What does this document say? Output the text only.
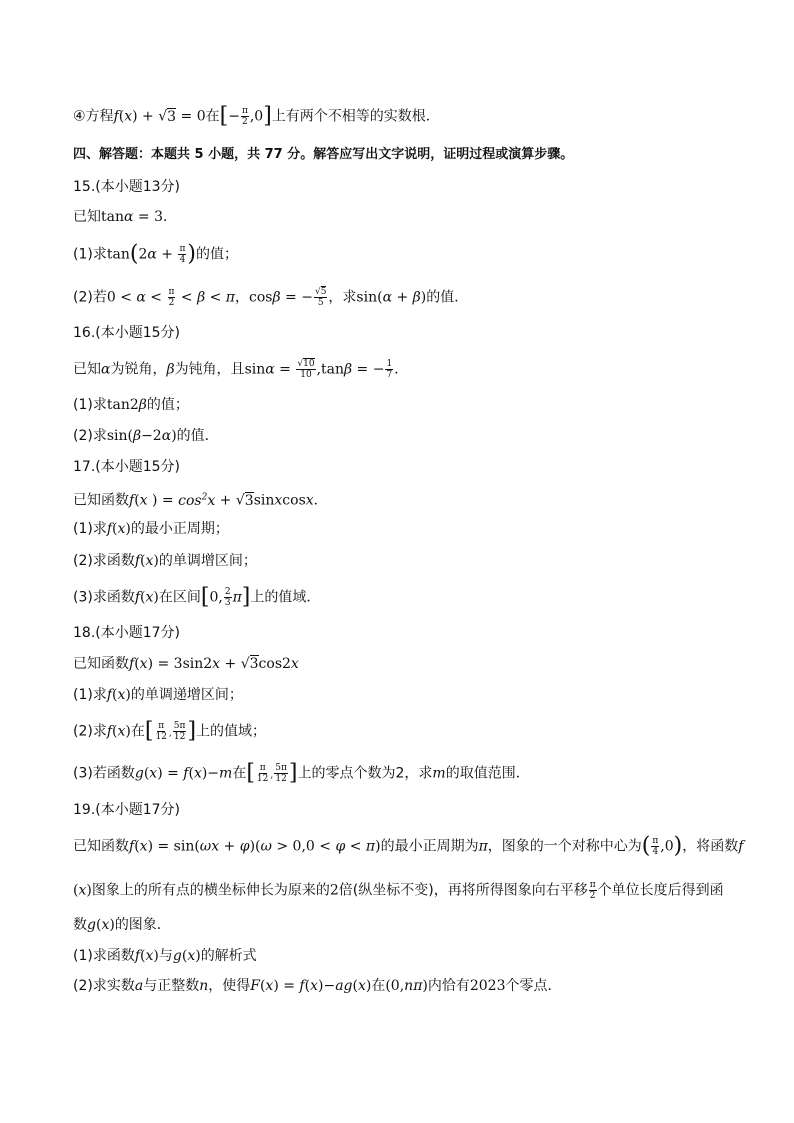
④方程f(x) + √3 = 0在[− $\frac{\pi}{2} ,0$]上有两个不相等的实数根．
四、解答题：本题共 5 小题，共 77 分。解答应写出文字说明，证明过程或演算步骤。
15.(本小题13分)
已知tanα = 3．
(1)求$\tan(2\alpha + \frac{\pi}{4}$ )的值；
(2)若$0 < \alpha < \frac{\pi}{2} < \beta < \pi$，cosβ = − $\frac{√5}{5}$ ，求sin(α + β)的值．
16.(本小题15分)
已知α为锐角，β为钝角，且$\sin\alpha = \frac{√10}{10} ,\tan\beta$ = − $\frac{1}{7}$ ．
(1)求tan2β的值；
(2)求sin(β−2α)的值．
17.(本小题15分)
已知函数f(x ) = $\cos^2x$ + √3sinxcosx．
(1)求f(x)的最小正周期；
(2)求函数f(x)的单调增区间；
(3)求函数f(x)在区间[0, $\frac{2}{3} \pi$]上的值域．
18.(本小题17分)
已知函数f(x) = 3sin2x + √3cos2x
(1)求f(x)的单调递增区间；
(2)求f(x)在[ $\frac{\pi}{12}$ , $\frac{5\pi}{12}$ ]上的值域；
(3)若函数g(x) = f(x)−m在[ $\frac{\pi}{12}$ , $\frac{5\pi}{12}$ ]上的零点个数为2，求m的取值范围．
19.(本小题17分)
已知函数f(x) = sin(ωx + φ)(ω > 0,0 < φ < π)的最小正周期为π，图象的一个对称中心为( $\frac{\pi}{4} ,0$)，将函数f
(x)图象上的所有点的横坐标伸长为原来的2倍(纵坐标不变)，再将所得图象向右平移 $\frac{\pi}{2}$ 个单位长度后得到函
数g(x)的图象．
(1)求函数f(x)与g(x)的解析式
(2)求实数a与正整数n，使得F(x) = f(x)−ag(x)在(0,nπ)内恰有2023个零点．
